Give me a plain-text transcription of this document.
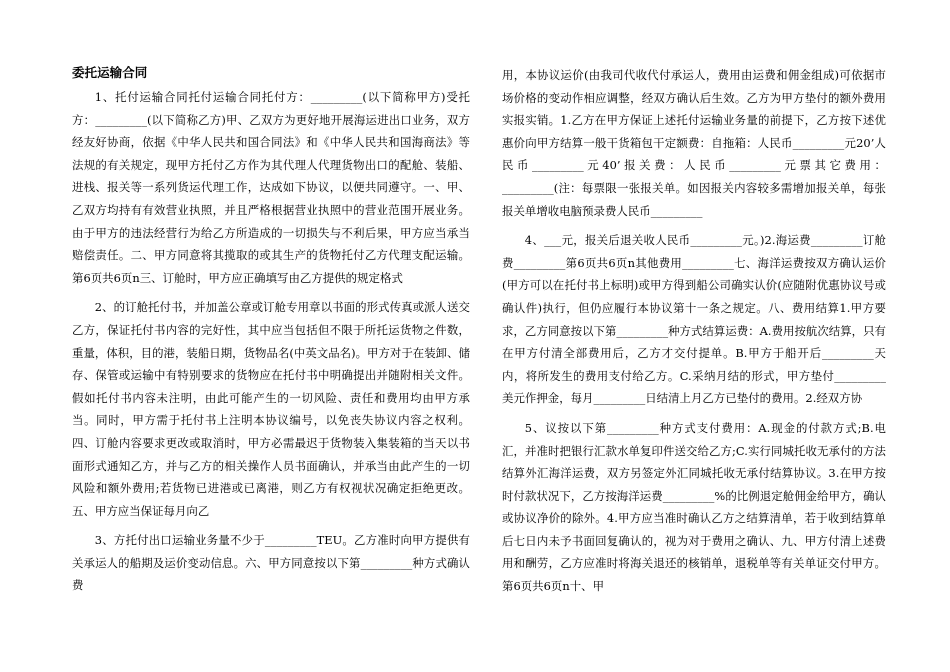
委托运输合同

1、托付运输合同托付运输合同托付方：_________(以下简称甲方)受托方：_________(以下简称乙方)甲、乙双方为更好地开展海运进出口业务，双方经友好协商，依据《中华人民共和国合同法》和《中华人民共和国海商法》等法规的有关规定，现甲方托付乙方作为其代理人代理货物出口的配舱、装船、进栈、报关等一系列货运代理工作，达成如下协议，以便共同遵守。一、甲、乙双方均持有有效营业执照，并且严格根据营业执照中的营业范围开展业务。由于甲方的违法经营行为给乙方所造成的一切损失与不利后果，甲方应当承当赔偿责任。二、甲方同意将其揽取的或其生产的货物托付乙方代理支配运输。第6页共6页n三、订舱时，甲方应正确填写由乙方提供的规定格式

2、的订舱托付书，并加盖公章或订舱专用章以书面的形式传真或派人送交乙方，保证托付书内容的完好性，其中应当包括但不限于所托运货物之件数，重量，体积，目的港，装船日期，货物品名(中英文品名)。甲方对于在装卸、储存、保管或运输中有特别要求的货物应在托付书中明确提出并随附相关文件。假如托付书内容未注明，由此可能产生的一切风险、责任和费用均由甲方承当。同时，甲方需于托付书上注明本协议编号，以免丧失协议内容之权利。四、订舱内容要求更改或取消时，甲方必需最迟于货物装入集装箱的当天以书面形式通知乙方，并与乙方的相关操作人员书面确认，并承当由此产生的一切风险和额外费用;若货物已进港或已离港，则乙方有权视状况确定拒绝更改。五、甲方应当保证每月向乙

3、方托付出口运输业务量不少于_________TEU。乙方准时向甲方提供有关承运人的船期及运价变动信息。六、甲方同意按以下第_________种方式确认费

用，本协议运价(由我司代收代付承运人，费用由运费和佣金组成)可依据市场价格的变动作相应调整，经双方确认后生效。乙方为甲方垫付的额外费用实报实销。1.乙方在甲方保证上述托付运输业务量的前提下，乙方按下述优惠价向甲方结算一般干货箱包干定额费：自拖箱：人民币_________元20’人民币_________元40’报关费：人民币_________元票其它费用：_________(注：每票限一张报关单。如因报关内容较多需增加报关单，每张报关单增收电脑预录费人民币_________

4、___元，报关后退关收人民币_________元。)2.海运费_________订舱费_________第6页共6页n其他费用_________七、海洋运费按双方确认运价(甲方可以在托付书上标明)或甲方得到船公司确实认价(应随附优惠协议号或确认件)执行，但仍应履行本协议第十一条之规定。八、费用结算1.甲方要求，乙方同意按以下第_________种方式结算运费：A.费用按航次结算，只有在甲方付清全部费用后，乙方才交付提单。B.甲方于船开后_________天内，将所发生的费用支付给乙方。C.采纳月结的形式，甲方垫付_________美元作押金，每月_________日结清上月乙方已垫付的费用。2.经双方协

5、议按以下第_________种方式支付费用：A.现金的付款方式;B.电汇，并准时把银行汇款水单复印件送交给乙方;C.实行同城托收无承付的方法结算外汇海洋运费，双方另签定外汇同城托收无承付结算协议。3.在甲方按时付款状况下，乙方按海洋运费_________%的比例退定舱佣金给甲方，确认或协议净价的除外。4.甲方应当准时确认乙方之结算清单，若于收到结算单后七日内未予书面回复确认的，视为对于费用之确认、九、甲方付清上述费用和酬劳，乙方应准时将海关退还的核销单，退税单等有关单证交付甲方。第6页共6页n十、甲
